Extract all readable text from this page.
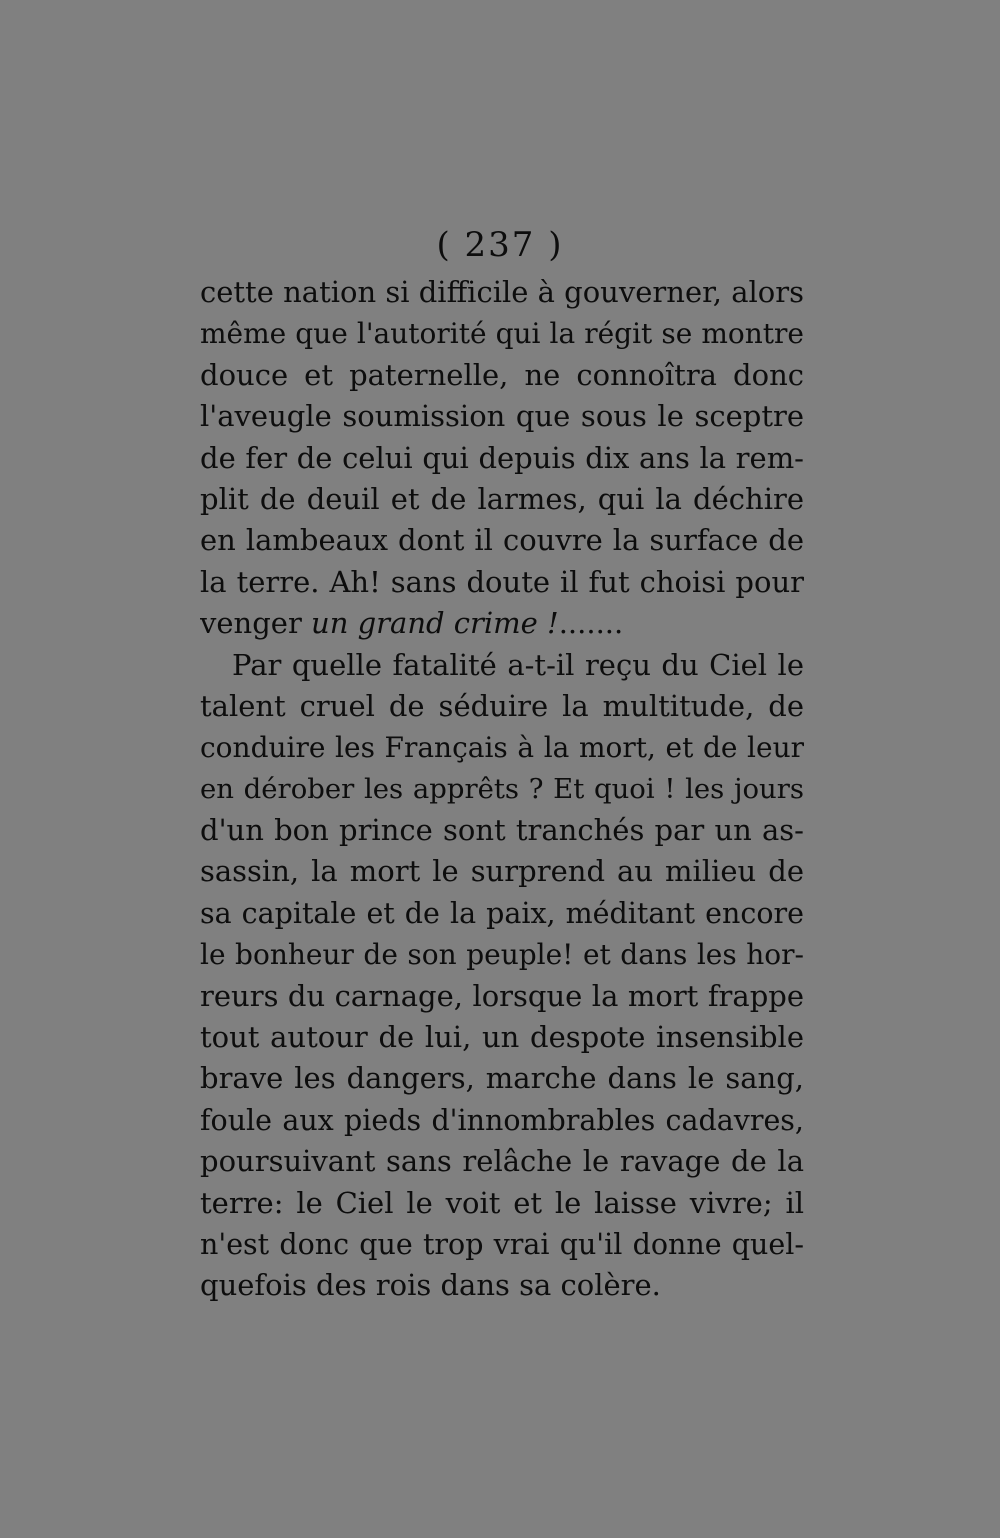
( 237 )
cette nation si difficile à gouverner, alors
même que l'autorité qui la régit se montre
douce et paternelle, ne connoîtra donc
l'aveugle soumission que sous le sceptre
de fer de celui qui depuis dix ans la rem-
plit de deuil et de larmes, qui la déchire
en lambeaux dont il couvre la surface de
la terre. Ah! sans doute il fut choisi pour
venger un grand crime !.......
Par quelle fatalité a-t-il reçu du Ciel le
talent cruel de séduire la multitude, de
conduire les Français à la mort, et de leur
en dérober les apprêts ? Et quoi ! les jours
d'un bon prince sont tranchés par un as-
sassin, la mort le surprend au milieu de
sa capitale et de la paix, méditant encore
le bonheur de son peuple! et dans les hor-
reurs du carnage, lorsque la mort frappe
tout autour de lui, un despote insensible
brave les dangers, marche dans le sang,
foule aux pieds d'innombrables cadavres,
poursuivant sans relâche le ravage de la
terre: le Ciel le voit et le laisse vivre; il
n'est donc que trop vrai qu'il donne quel-
quefois des rois dans sa colère.
